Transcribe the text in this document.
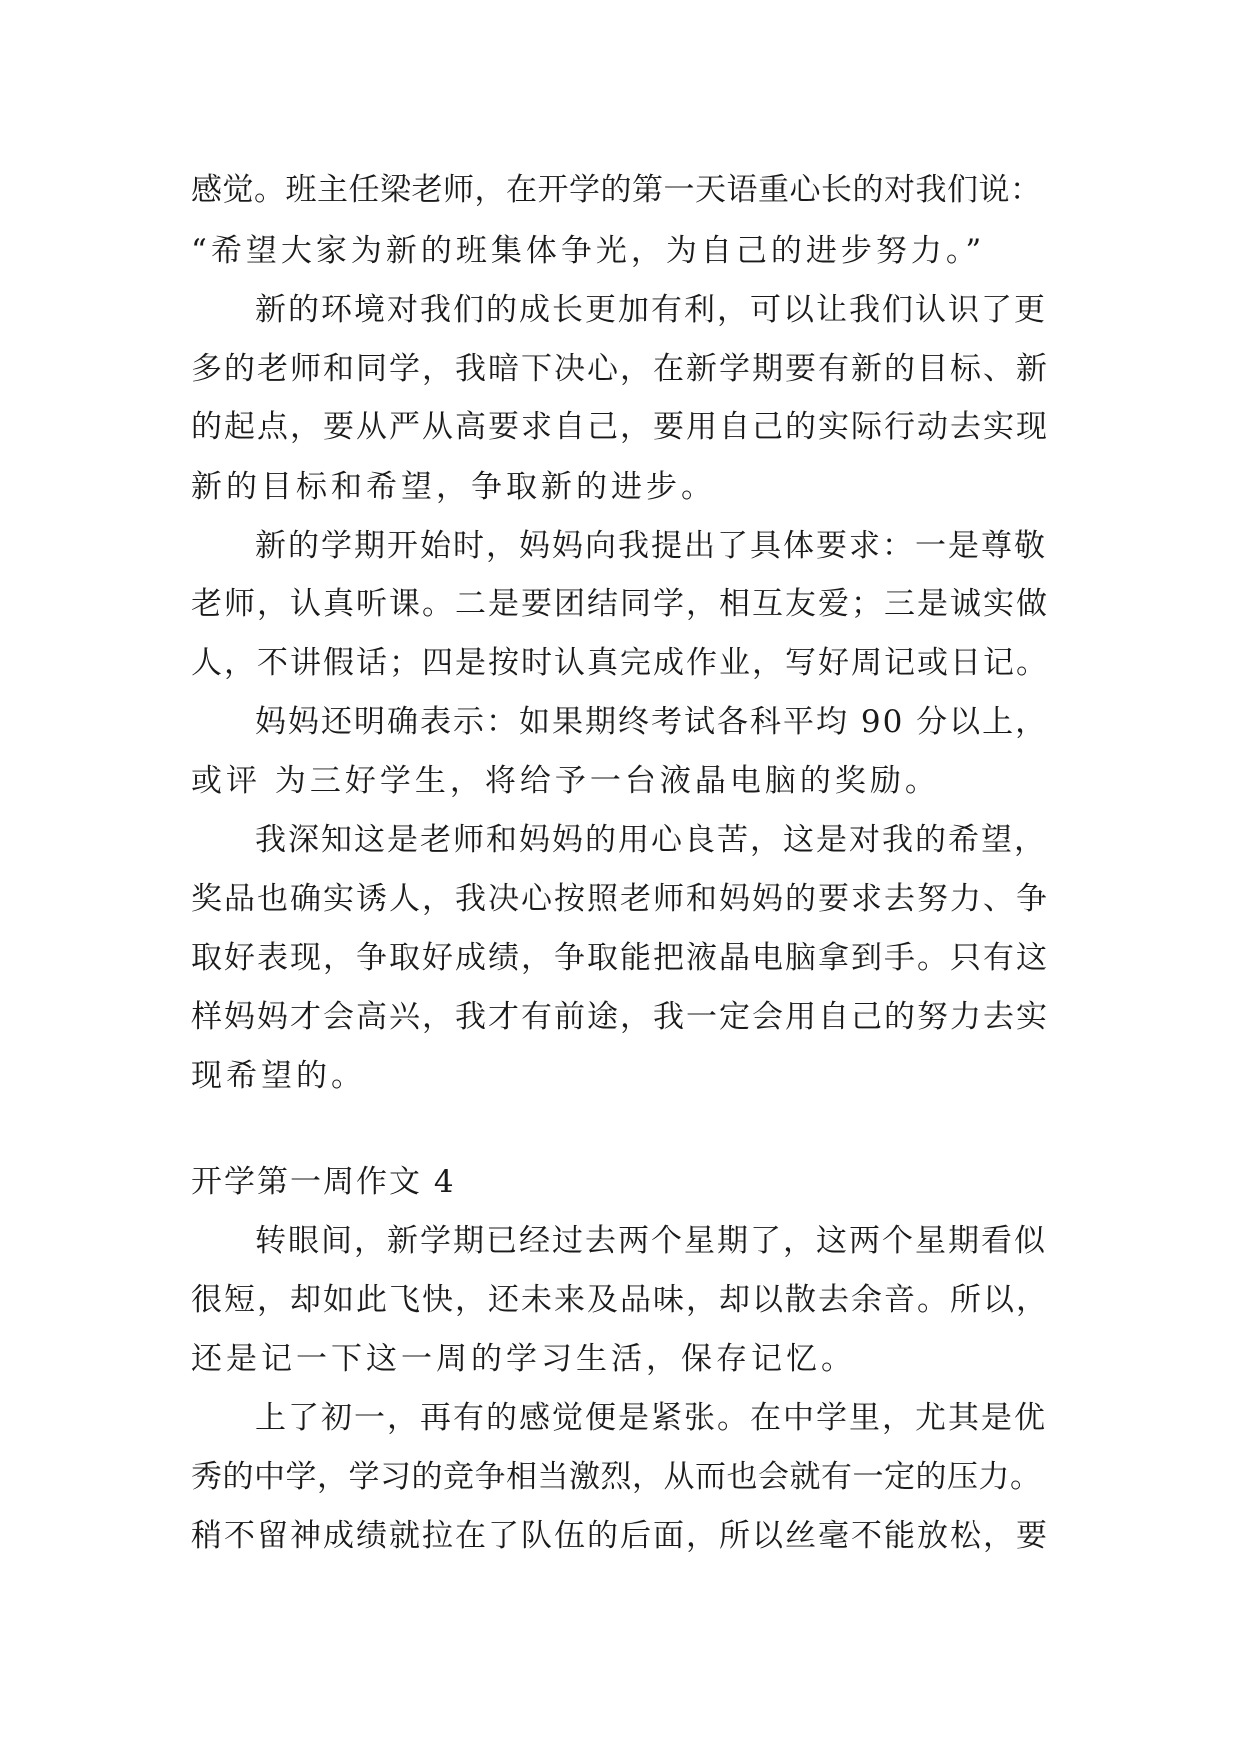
感觉。班主任梁老师，在开学的第一天语重心长的对我们说：
“希望大家为新的班集体争光，为自己的进步努力。”
新的环境对我们的成长更加有利，可以让我们认识了更
多的老师和同学，我暗下决心，在新学期要有新的目标、新
的起点，要从严从高要求自己，要用自己的实际行动去实现
新的目标和希望，争取新的进步。
新的学期开始时，妈妈向我提出了具体要求：一是尊敬
老师，认真听课。二是要团结同学，相互友爱；三是诚实做
人，不讲假话；四是按时认真完成作业，写好周记或日记。
妈妈还明确表示：如果期终考试各科平均 90 分以上，
或评 为三好学生，将给予一台液晶电脑的奖励。
我深知这是老师和妈妈的用心良苦，这是对我的希望，
奖品也确实诱人，我决心按照老师和妈妈的要求去努力、争
取好表现，争取好成绩，争取能把液晶电脑拿到手。只有这
样妈妈才会高兴，我才有前途，我一定会用自己的努力去实
现希望的。
开学第一周作文 4
转眼间，新学期已经过去两个星期了，这两个星期看似
很短，却如此飞快，还未来及品味，却以散去余音。所以，
还是记一下这一周的学习生活，保存记忆。
上了初一，再有的感觉便是紧张。在中学里，尤其是优
秀的中学，学习的竞争相当激烈，从而也会就有一定的压力。
稍不留神成绩就拉在了队伍的后面，所以丝毫不能放松，要
